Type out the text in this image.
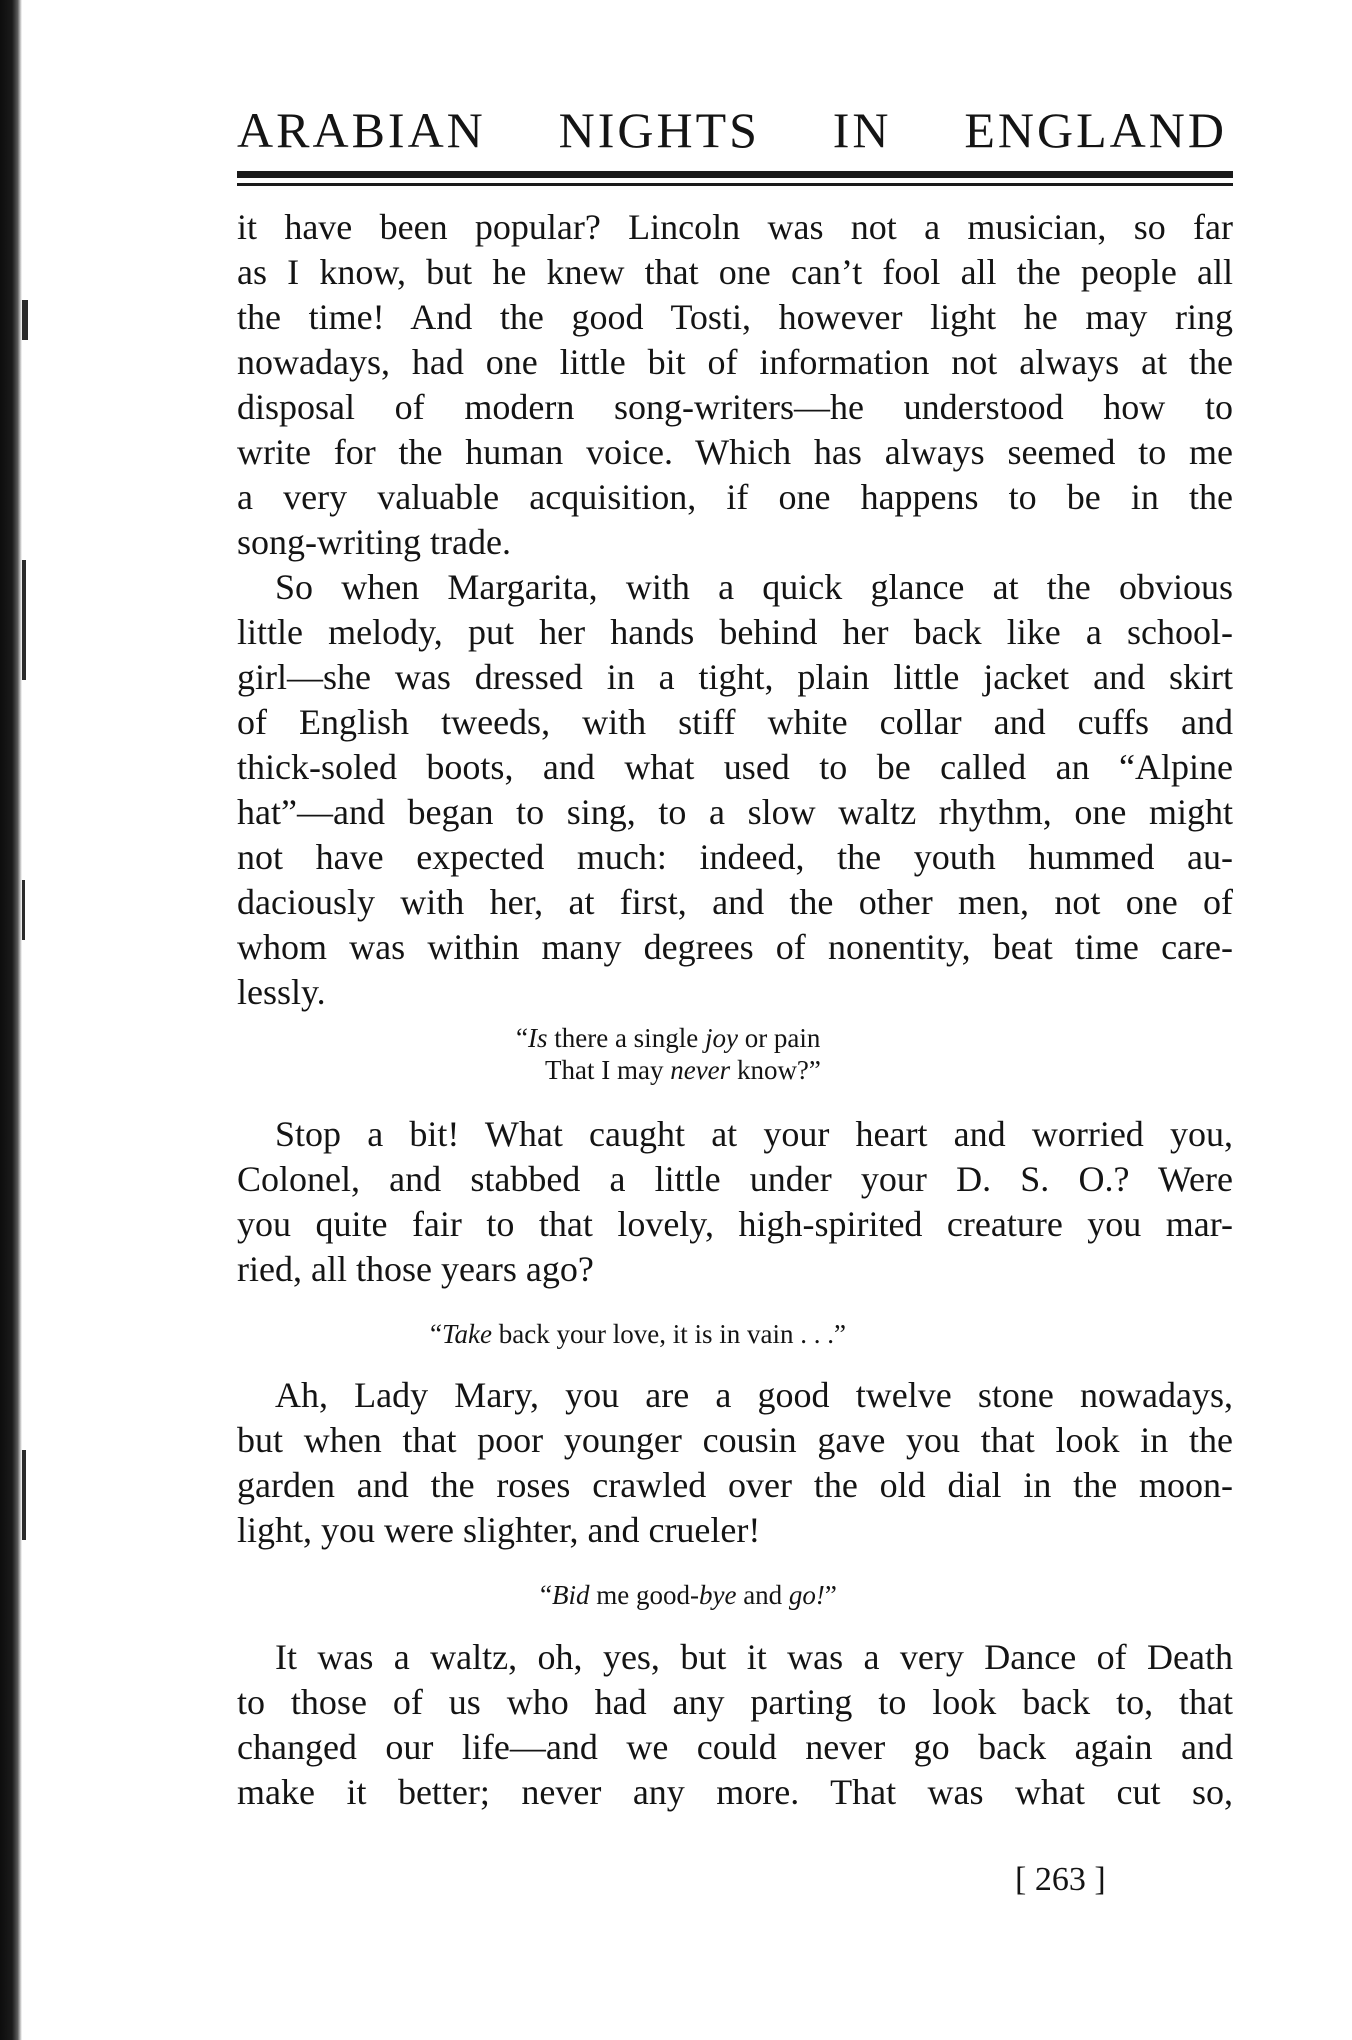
ARABIAN NIGHTS IN ENGLAND
it have been popular? Lincoln was not a musician, so far
as I know, but he knew that one can’t fool all the people all
the time! And the good Tosti, however light he may ring
nowadays, had one little bit of information not always at the
disposal of modern song-writers—he understood how to
write for the human voice. Which has always seemed to me
a very valuable acquisition, if one happens to be in the
song-writing trade.
So when Margarita, with a quick glance at the obvious
little melody, put her hands behind her back like a school-
girl—she was dressed in a tight, plain little jacket and skirt
of English tweeds, with stiff white collar and cuffs and
thick-soled boots, and what used to be called an “Alpine
hat”—and began to sing, to a slow waltz rhythm, one might
not have expected much: indeed, the youth hummed au-
daciously with her, at first, and the other men, not one of
whom was within many degrees of nonentity, beat time care-
lessly.
“Is there a single joy or pain
That I may never know?”
Stop a bit! What caught at your heart and worried you,
Colonel, and stabbed a little under your D. S. O.? Were
you quite fair to that lovely, high-spirited creature you mar-
ried, all those years ago?
“Take back your love, it is in vain . . .”
Ah, Lady Mary, you are a good twelve stone nowadays,
but when that poor younger cousin gave you that look in the
garden and the roses crawled over the old dial in the moon-
light, you were slighter, and crueler!
“Bid me good-bye and go!”
It was a waltz, oh, yes, but it was a very Dance of Death
to those of us who had any parting to look back to, that
changed our life—and we could never go back again and
make it better; never any more. That was what cut so,
[ 263 ]
